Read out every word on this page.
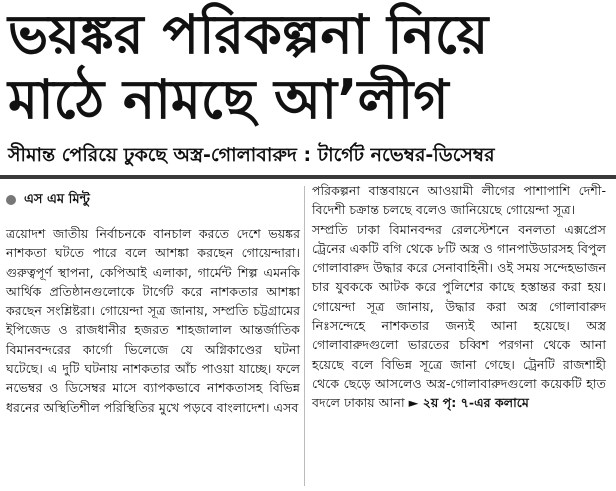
ভয়ঙ্কর পরিকল্পনা নিয়ে
মাঠে নামছে আ’লীগ
সীমান্ত পেরিয়ে ঢুকছে অস্ত্র-গোলাবারুদ : টার্গেট নভেম্বর-ডিসেম্বর
এস এম মিন্টু

ত্রয়োদশ জাতীয় নির্বাচনকে বানচাল করতে দেশে ভয়ঙ্কর নাশকতা ঘটতে পারে বলে আশঙ্কা করছেন গোয়েন্দারা। গুরুত্বপূর্ণ স্থাপনা, কেপিআই এলাকা, গার্মেন্ট শিল্প এমনকি আর্থিক প্রতিষ্ঠানগুলোকে টার্গেট করে নাশকতার আশঙ্কা করছেন সংশ্লিষ্টরা। গোয়েন্দা সূত্র জানায়, সম্প্রতি চট্টগ্রামের ইপিজেড ও রাজধানীর হজরত শাহজালাল আন্তর্জাতিক বিমানবন্দরের কার্গো ভিলেজে যে অগ্নিকাণ্ডের ঘটনা ঘটেছে। এ দুটি ঘটনায় নাশকতার আঁচ পাওয়া যাচ্ছে। ফলে নভেম্বর ও ডিসেম্বর মাসে ব্যাপকভাবে নাশকতাসহ বিভিন্ন ধরনের অস্থিতিশীল পরিস্থিতির মুখে পড়বে বাংলাদেশ। এসব

পরিকল্পনা বাস্তবায়নে আওয়ামী লীগের পাশাপাশি দেশী-বিদেশী চক্রান্ত চলছে বলেও জানিয়েছে গোয়েন্দা সূত্র।

সম্প্রতি ঢাকা বিমানবন্দর রেলস্টেশনে বনলতা এক্সপ্রেস ট্রেনের একটি বগি থেকে ৮টি অস্ত্র ও গানপাউডারসহ বিপুল গোলাবারুদ উদ্ধার করে সেনাবাহিনী। ওই সময় সন্দেহভাজন চার যুবককে আটক করে পুলিশের কাছে হস্তান্তর করা হয়। গোয়েন্দা সূত্র জানায়, উদ্ধার করা অস্ত্র গোলাবারুদ নিঃসন্দেহে নাশকতার জন্যই আনা হয়েছে। অস্ত্র গোলাবারুদগুলো ভারতের চব্বিশ পরগনা থেকে আনা হয়েছে বলে বিভিন্ন সূত্রে জানা গেছে। ট্রেনটি রাজশাহী থেকে ছেড়ে আসলেও অস্ত্র-গোলাবারুদগুলো কয়েকটি হাত বদলে ঢাকায় আনা ► ২য় পৃ: ৭-এর কলামে
